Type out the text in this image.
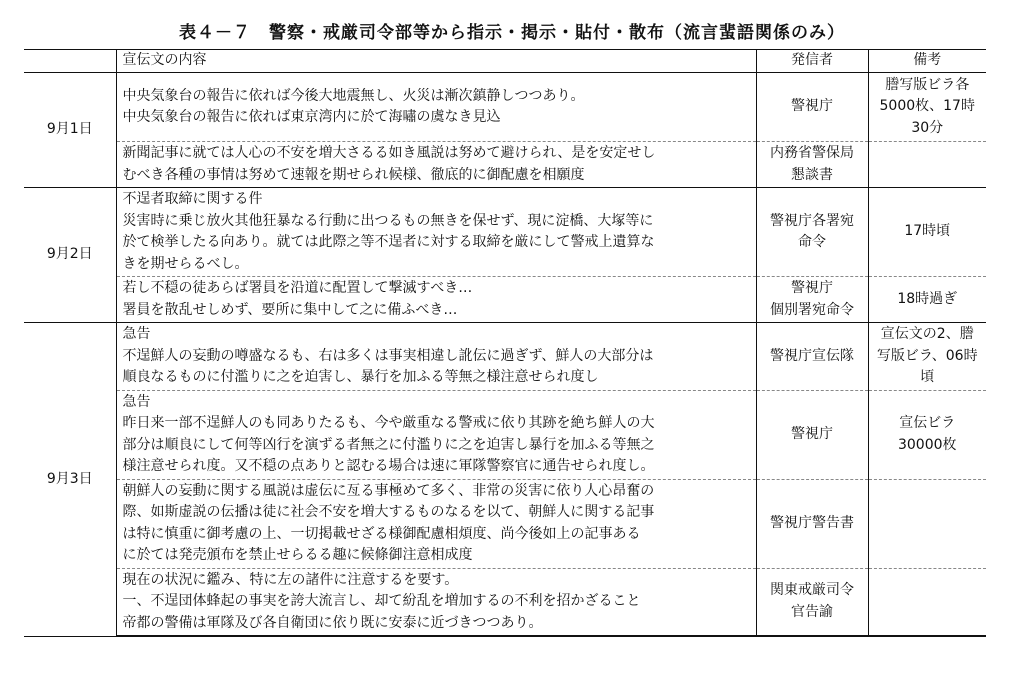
表４－７　警察・戒厳司令部等から指示・掲示・貼付・散布（流言蜚語関係のみ）
	宣伝文の内容	発信者	備考
9月1日	中央気象台の報告に依れば今後大地震無し、火災は漸次鎮静しつつあり。
中央気象台の報告に依れば東京湾内に於て海嘯の虞なき見込	警視庁	謄写版ビラ各
5000枚、17時
30分

	新聞記事に就ては人心の不安を増大さるる如き風説は努めて避けられ、是を安定せし
むべき各種の事情は努めて速報を期せられ候様、徹底的に御配慮を相願度	内務省警保局
懇談書	

9月2日	不逞者取締に関する件
災害時に乗じ放火其他狂暴なる行動に出つるもの無きを保せず、現に淀橋、大塚等に
於て検挙したる向あり。就ては此際之等不逞者に対する取締を厳にして警戒上遺算な
きを期せらるべし。	警視庁各署宛
命令	17時頃

	若し不穏の徒あらば署員を沿道に配置して撃滅すべき…
署員を散乱せしめず、要所に集中して之に備ふべき…	警視庁
個別署宛命令	18時過ぎ

9月3日	急告
不逞鮮人の妄動の噂盛なるも、右は多くは事実相違し訛伝に過ぎず、鮮人の大部分は
順良なるものに付濫りに之を迫害し、暴行を加ふる等無之様注意せられ度し	警視庁宣伝隊	宣伝文の2、謄
写版ビラ、06時
頃

	急告
昨日来一部不逞鮮人のも同ありたるも、今や厳重なる警戒に依り其跡を絶ち鮮人の大
部分は順良にして何等凶行を演ずる者無之に付濫りに之を迫害し暴行を加ふる等無之
様注意せられ度。又不穏の点ありと認むる場合は速に軍隊警察官に通告せられ度し。	警視庁	宣伝ビラ
30000枚

	朝鮮人の妄動に関する風説は虚伝に亙る事極めて多く、非常の災害に依り人心昂奮の
際、如斯虚説の伝播は徒に社会不安を増大するものなるを以て、朝鮮人に関する記事
は特に慎重に御考慮の上、一切掲載せざる様御配慮相煩度、尚今後如上の記事ある
に於ては発売頒布を禁止せらるる趣に候條御注意相成度	警視庁警告書	

	現在の状況に鑑み、特に左の諸件に注意するを要す。
一、不逞団体蜂起の事実を誇大流言し、却て紛乱を増加するの不利を招かざること
帝都の警備は軍隊及び各自衛団に依り既に安泰に近づきつつあり。	関東戒厳司令
官告諭	
